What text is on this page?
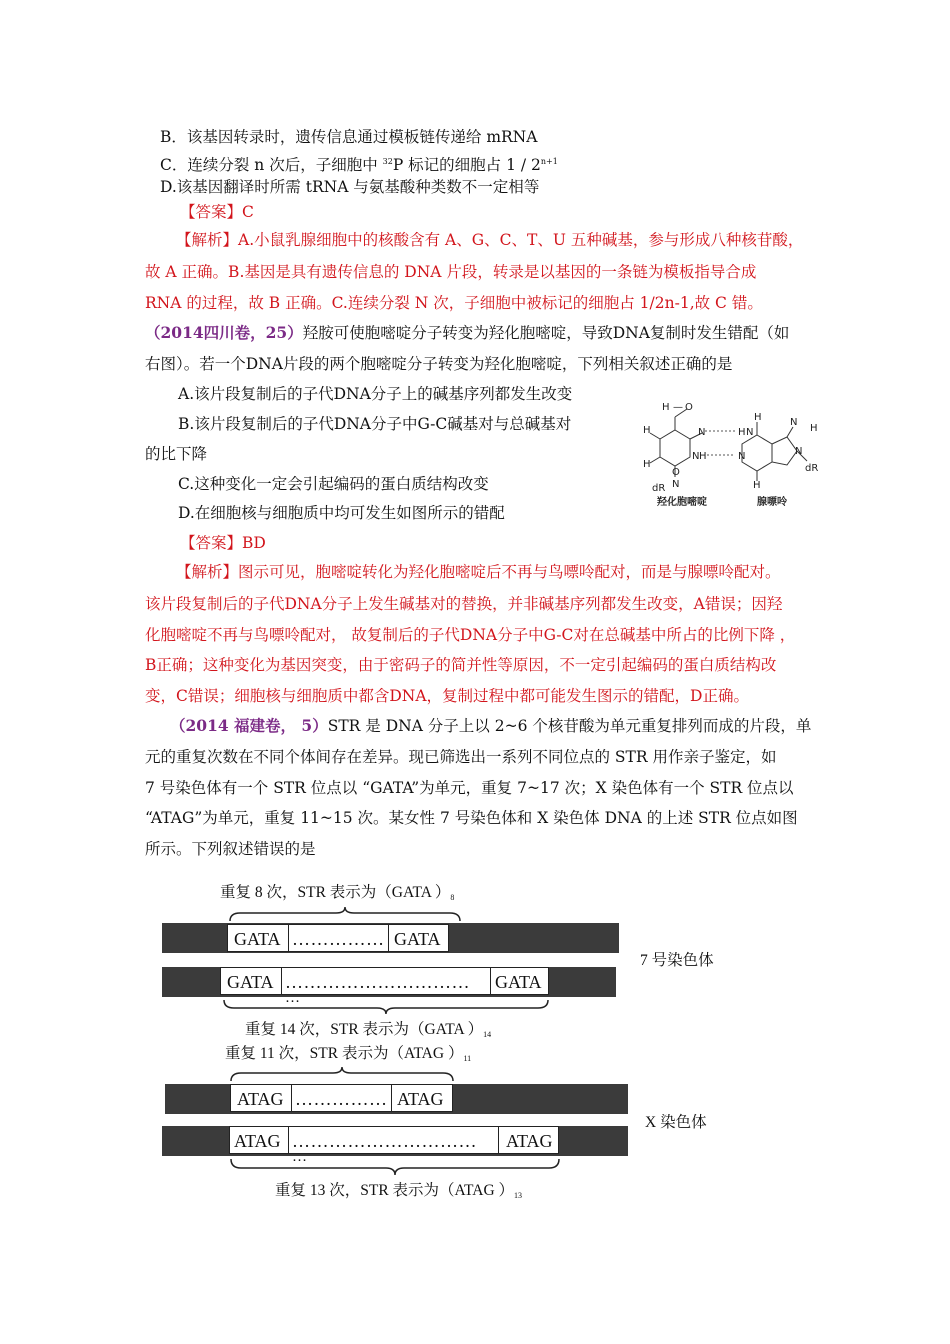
B．该基因转录时，遗传信息通过模板链传递给 mRNA
C．连续分裂 n 次后，子细胞中 $^{32}$P 标记的细胞占 $1 / 2^{n+1}$
D.该基因翻译时所需 tRNA 与氨基酸种类数不一定相等
【答案】C
【解析】A.小鼠乳腺细胞中的核酸含有 A、G、C、T、U 五种碱基，参与形成八种核苷酸，
故 A 正确。B.基因是具有遗传信息的 DNA 片段，转录是以基因的一条链为模板指导合成
RNA 的过程，故 B 正确。C.连续分裂 N 次，子细胞中被标记的细胞占 1/2n-1,故 C 错。
（2014四川卷，25）羟胺可使胞嘧啶分子转变为羟化胞嘧啶，导致DNA复制时发生错配（如
右图）。若一个DNA片段的两个胞嘧啶分子转变为羟化胞嘧啶，下列相关叙述正确的是
A.该片段复制后的子代DNA分子上的碱基序列都发生改变
B.该片段复制后的子代DNA分子中G-C碱基对与总碱基对
的比下降
C.这种变化一定会引起编码的蛋白质结构改变
D.在细胞核与细胞质中均可发生如图所示的错配
H — O
N
H
H
N H
O
dR N
H
H N
N
H
N
H
N
dR
羟化胞嘧啶	腺嘌呤
【答案】BD
【解析】图示可见，胞嘧啶转化为羟化胞嘧啶后不再与鸟嘌呤配对，而是与腺嘌呤配对。
该片段复制后的子代DNA分子上发生碱基对的替换，并非碱基序列都发生改变，A错误；因羟
化胞嘧啶不再与鸟嘌呤配对， 故复制后的子代DNA分子中G-C对在总碱基中所占的比例下降 ，
B正确；这种变化为基因突变，由于密码子的简并性等原因，不一定引起编码的蛋白质结构改
变，C错误；细胞核与细胞质中都含DNA，复制过程中都可能发生图示的错配，D正确。
（2014 福建卷， 5）STR 是 DNA 分子上以 2~6 个核苷酸为单元重复排列而成的片段，单
元的重复次数在不同个体间存在差异。现已筛选出一系列不同位点的 STR 用作亲子鉴定，如
7 号染色体有一个 STR 位点以 “GATA”为单元，重复 7~17 次；X 染色体有一个 STR 位点以
“ATAG”为单元，重复 11~15 次。某女性 7 号染色体和 X 染色体 DNA 的上述 STR 位点如图
所示。下列叙述错误的是
重复 8 次，STR 表示为（GATA ）$_8$
GATA …………… GATA
GATA ………………………… GATA
…
重复 14 次，STR 表示为（GATA ）$_{14}$
7 号染色体
重复 11 次，STR 表示为（ATAG ）$_{11}$
ATAG …………… ATAG
ATAG ………………………… ATAG
…
重复 13 次，STR 表示为（ATAG ）$_{13}$
X 染色体
